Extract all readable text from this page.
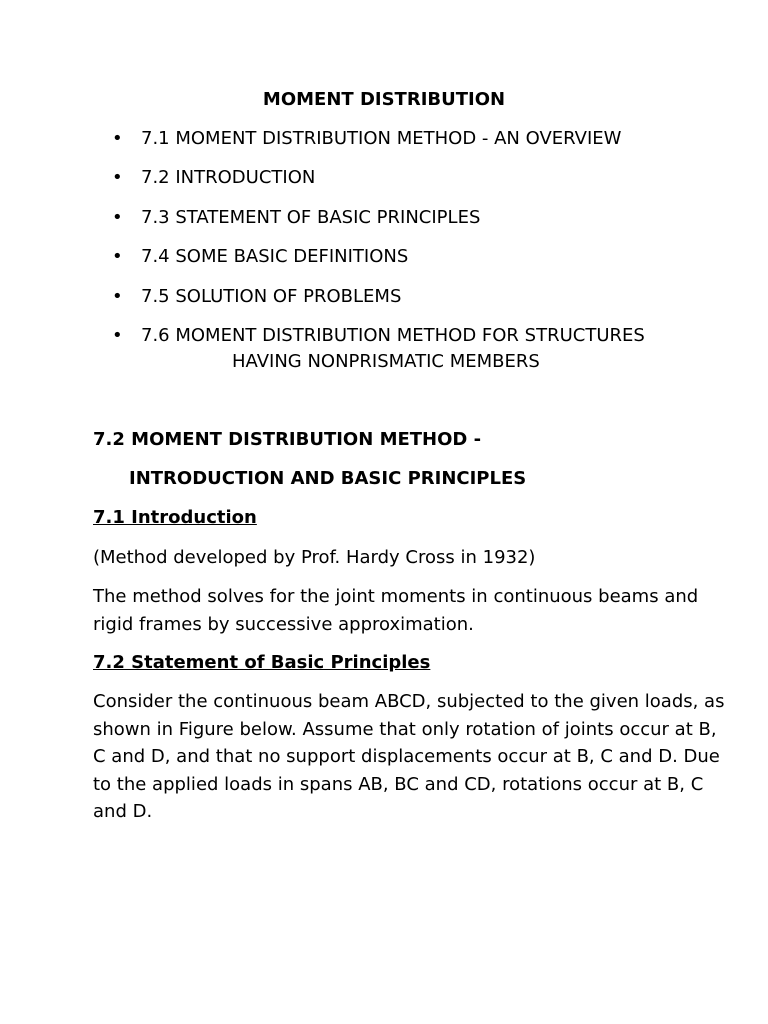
MOMENT DISTRIBUTION
• 7.1 MOMENT DISTRIBUTION METHOD - AN OVERVIEW
• 7.2 INTRODUCTION
• 7.3 STATEMENT OF BASIC PRINCIPLES
• 7.4 SOME BASIC DEFINITIONS
• 7.5 SOLUTION OF PROBLEMS
• 7.6 MOMENT DISTRIBUTION METHOD FOR STRUCTURES
HAVING NONPRISMATIC MEMBERS
7.2 MOMENT DISTRIBUTION METHOD -
INTRODUCTION AND BASIC PRINCIPLES
7.1 Introduction
(Method developed by Prof. Hardy Cross in 1932)
The method solves for the joint moments in continuous beams and rigid frames by successive approximation.
7.2 Statement of Basic Principles
Consider the continuous beam ABCD, subjected to the given loads, as shown in Figure below. Assume that only rotation of joints occur at B, C and D, and that no support displacements occur at B, C and D. Due to the applied loads in spans AB, BC and CD, rotations occur at B, C and D.
